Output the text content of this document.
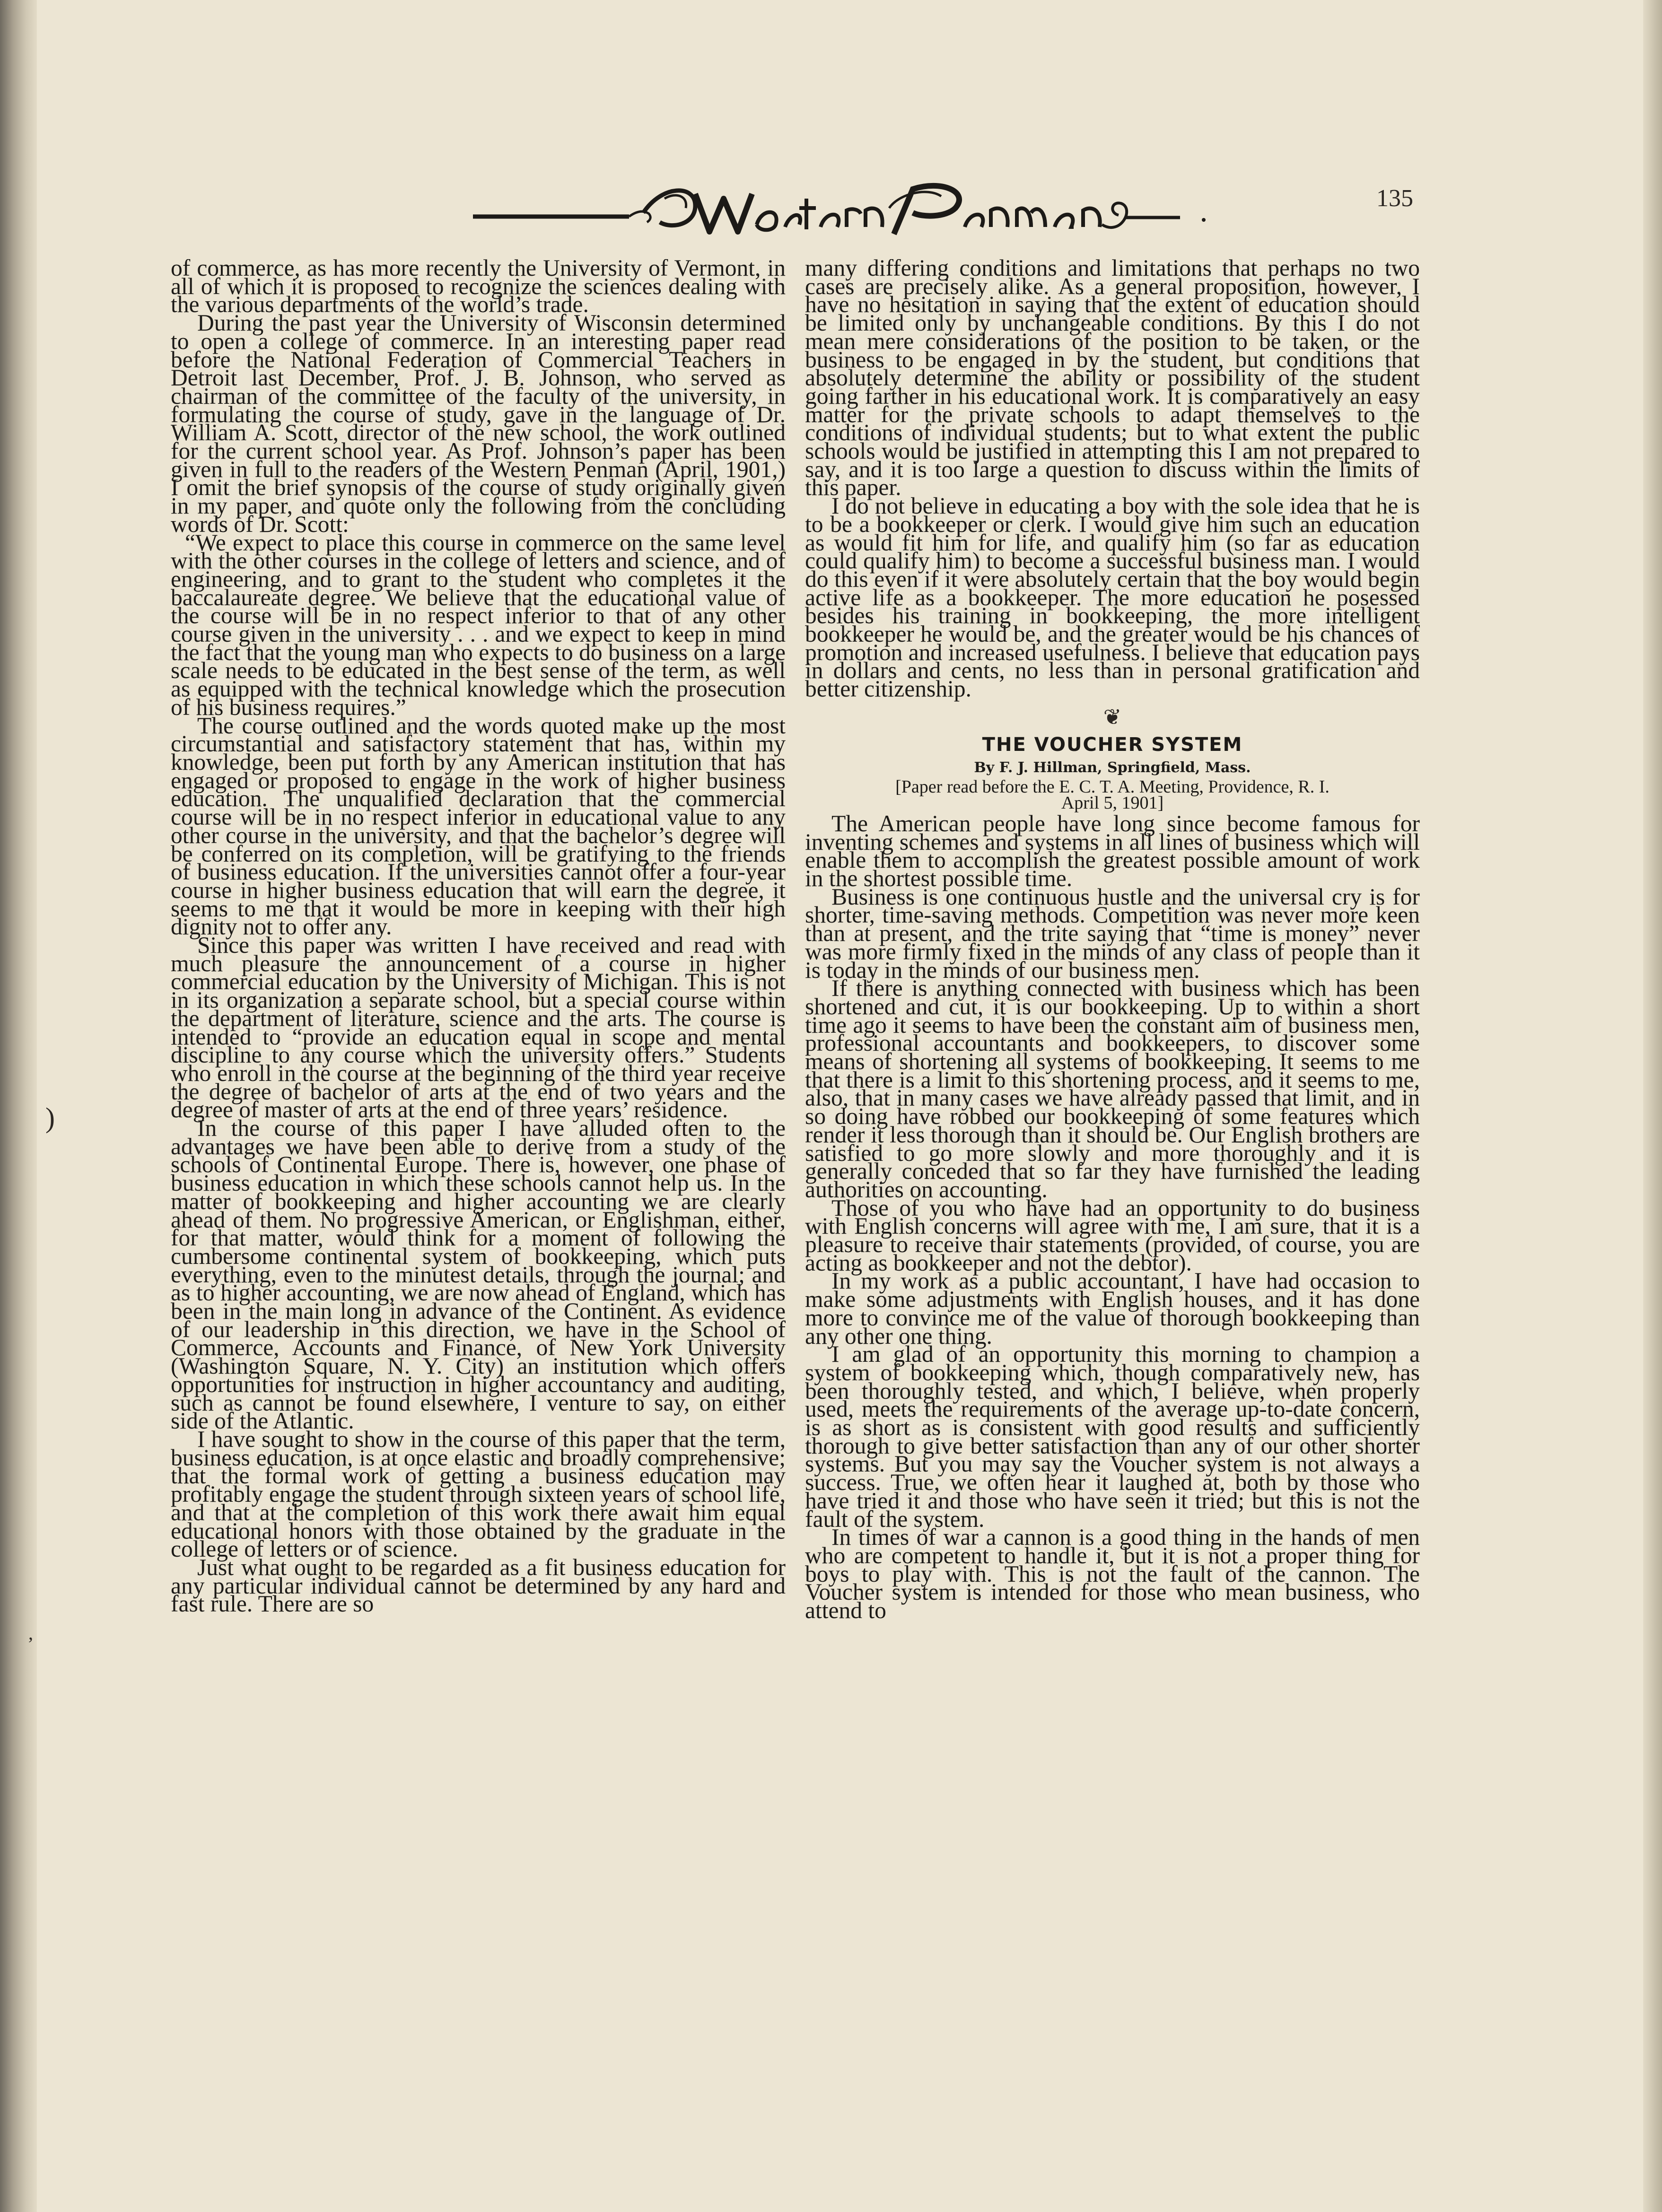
135

of commerce, as has more recently the University of Vermont, in all of which it is proposed to recognize the sciences dealing with the various departments of the world’s trade.

During the past year the University of Wisconsin determined to open a college of commerce. In an interesting paper read before the National Federation of Commercial Teachers in Detroit last December, Prof. J. B. Johnson, who served as chairman of the committee of the faculty of the university, in formulating the course of study, gave in the language of Dr. William A. Scott, director of the new school, the work outlined for the current school year. As Prof. Johnson’s paper has been given in full to the readers of the Western Penman (April, 1901,) I omit the brief synopsis of the course of study originally given in my paper, and quote only the following from the concluding words of Dr. Scott:

“We expect to place this course in commerce on the same level with the other courses in the college of letters and science, and of engineering, and to grant to the student who completes it the baccalaureate degree. We believe that the educational value of the course will be in no respect inferior to that of any other course given in the university . . . and we expect to keep in mind the fact that the young man who expects to do business on a large scale needs to be educated in the best sense of the term, as well as equipped with the technical knowledge which the prosecution of his business requires.”

The course outlined and the words quoted make up the most circumstantial and satisfactory statement that has, within my knowledge, been put forth by any American institution that has engaged or proposed to engage in the work of higher business education. The unqualified declaration that the commercial course will be in no respect inferior in educational value to any other course in the university, and that the bachelor’s degree will be conferred on its completion, will be gratifying to the friends of business education. If the universities cannot offer a four-year course in higher business education that will earn the degree, it seems to me that it would be more in keeping with their high dignity not to offer any.

Since this paper was written I have received and read with much pleasure the announcement of a course in higher commercial education by the University of Michigan. This is not in its organization a separate school, but a special course within the department of literature, science and the arts. The course is intended to “provide an education equal in scope and mental discipline to any course which the university offers.” Students who enroll in the course at the beginning of the third year receive the degree of bachelor of arts at the end of two years and the degree of master of arts at the end of three years’ residence.

In the course of this paper I have alluded often to the advantages we have been able to derive from a study of the schools of Continental Europe. There is, however, one phase of business education in which these schools cannot help us. In the matter of bookkeeping and higher accounting we are clearly ahead of them. No progressive American, or Englishman, either, for that matter, would think for a moment of following the cumbersome continental system of bookkeeping, which puts everything, even to the minutest details, through the journal; and as to higher accounting, we are now ahead of England, which has been in the main long in advance of the Continent. As evidence of our leadership in this direction, we have in the School of Commerce, Accounts and Finance, of New York University (Washington Square, N. Y. City) an institution which offers opportunities for instruction in higher accountancy and auditing, such as cannot be found elsewhere, I venture to say, on either side of the Atlantic.

I have sought to show in the course of this paper that the term, business education, is at once elastic and broadly comprehensive; that the formal work of getting a business education may profitably engage the student through sixteen years of school life, and that at the completion of this work there await him equal educational honors with those obtained by the graduate in the college of letters or of science.

Just what ought to be regarded as a fit business education for any particular individual cannot be determined by any hard and fast rule. There are so

many differing conditions and limitations that perhaps no two cases are precisely alike. As a general proposition, however, I have no hesitation in saying that the extent of education should be limited only by unchangeable conditions. By this I do not mean mere considerations of the position to be taken, or the business to be engaged in by the student, but conditions that absolutely determine the ability or possibility of the student going farther in his educational work. It is comparatively an easy matter for the private schools to adapt themselves to the conditions of individual students; but to what extent the public schools would be justified in attempting this I am not prepared to say, and it is too large a question to discuss within the limits of this paper.

I do not believe in educating a boy with the sole idea that he is to be a bookkeeper or clerk. I would give him such an education as would fit him for life, and qualify him (so far as education could qualify him) to become a successful business man. I would do this even if it were absolutely certain that the boy would begin active life as a bookkeeper. The more education he posessed besides his training in bookkeeping, the more intelligent bookkeeper he would be, and the greater would be his chances of promotion and increased usefulness. I believe that education pays in dollars and cents, no less than in personal gratification and better citizenship.

❦
THE VOUCHER SYSTEM
By F. J. Hillman, Springfield, Mass.
[Paper read before the E. C. T. A. Meeting, Providence, R. I.
April 5, 1901]

The American people have long since become famous for inventing schemes and systems in all lines of business which will enable them to accomplish the greatest possible amount of work in the shortest possible time.

Business is one continuous hustle and the universal cry is for shorter, time-saving methods. Competition was never more keen than at present, and the trite saying that “time is money” never was more firmly fixed in the minds of any class of people than it is today in the minds of our business men.

If there is anything connected with business which has been shortened and cut, it is our bookkeeping. Up to within a short time ago it seems to have been the constant aim of business men, professional accountants and bookkeepers, to discover some means of shortening all systems of bookkeeping. It seems to me that there is a limit to this shortening process, and it seems to me, also, that in many cases we have already passed that limit, and in so doing have robbed our bookkeeping of some features which render it less thorough than it should be. Our English brothers are satisfied to go more slowly and more thoroughly and it is generally conceded that so far they have furnished the leading authorities on accounting.

Those of you who have had an opportunity to do business with English concerns will agree with me, I am sure, that it is a pleasure to receive thair statements (provided, of course, you are acting as bookkeeper and not the debtor).

In my work as a public accountant, I have had occasion to make some adjustments with English houses, and it has done more to convince me of the value of thorough bookkeeping than any other one thing.

I am glad of an opportunity this morning to champion a system of bookkeeping which, though comparatively new, has been thoroughly tested, and which, I believe, when properly used, meets the requirements of the average up-to-date concern, is as short as is consistent with good results and sufficiently thorough to give better satisfaction than any of our other shorter systems. But you may say the Voucher system is not always a success. True, we often hear it laughed at, both by those who have tried it and those who have seen it tried; but this is not the fault of the system.

In times of war a cannon is a good thing in the hands of men who are competent to handle it, but it is not a proper thing for boys to play with. This is not the fault of the cannon. The Voucher system is intended for those who mean business, who attend to

)
,
